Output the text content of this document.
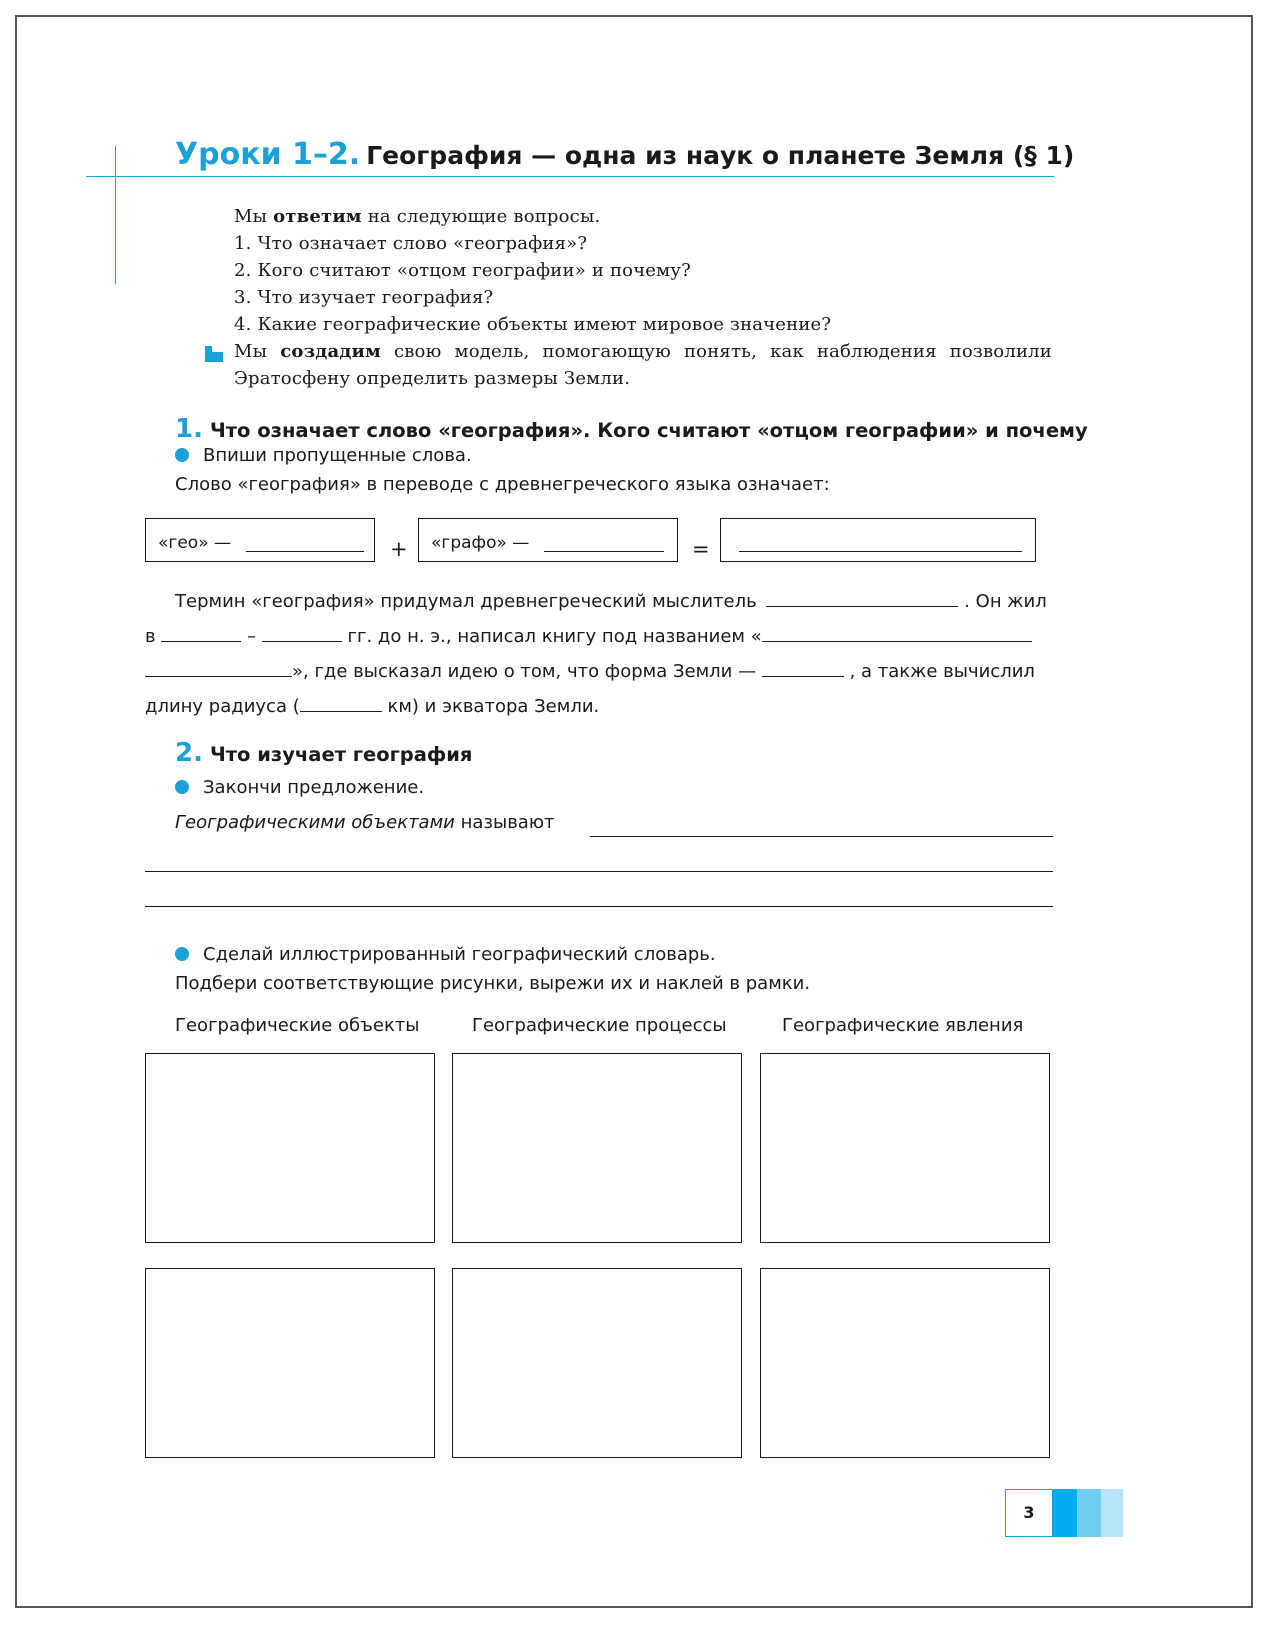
Уроки 1–2. География — одна из наук о планете Земля (§ 1)
Мы ответим на следующие вопросы.
1. Что означает слово «география»?
2. Кого считают «отцом географии» и почему?
3. Что изучает география?
4. Какие географические объекты имеют мировое значение?
Мы создадим свою модель, помогающую понять, как наблюдения позволили
Эратосфену определить размеры Земли.
1. Что означает слово «география». Кого считают «отцом географии» и почему
Впиши пропущенные слова.
Слово «география» в переводе с древнегреческого языка означает:
«гео» —	+ «графо» —	=
Термин «география» придумал древнегреческий мыслитель	. Он жил
в	–	гг. до н. э., написал книгу под названием «
», где высказал идею о том, что форма Земли —	, а также вычислил
длину радиуса (	км) и экватора Земли.
2. Что изучает география
Закончи предложение.
Географическими объектами называют
Сделай иллюстрированный географический словарь.
Подбери соответствующие рисунки, вырежи их и наклей в рамки.
Географические объекты	Географические процессы	Географические явления
3
